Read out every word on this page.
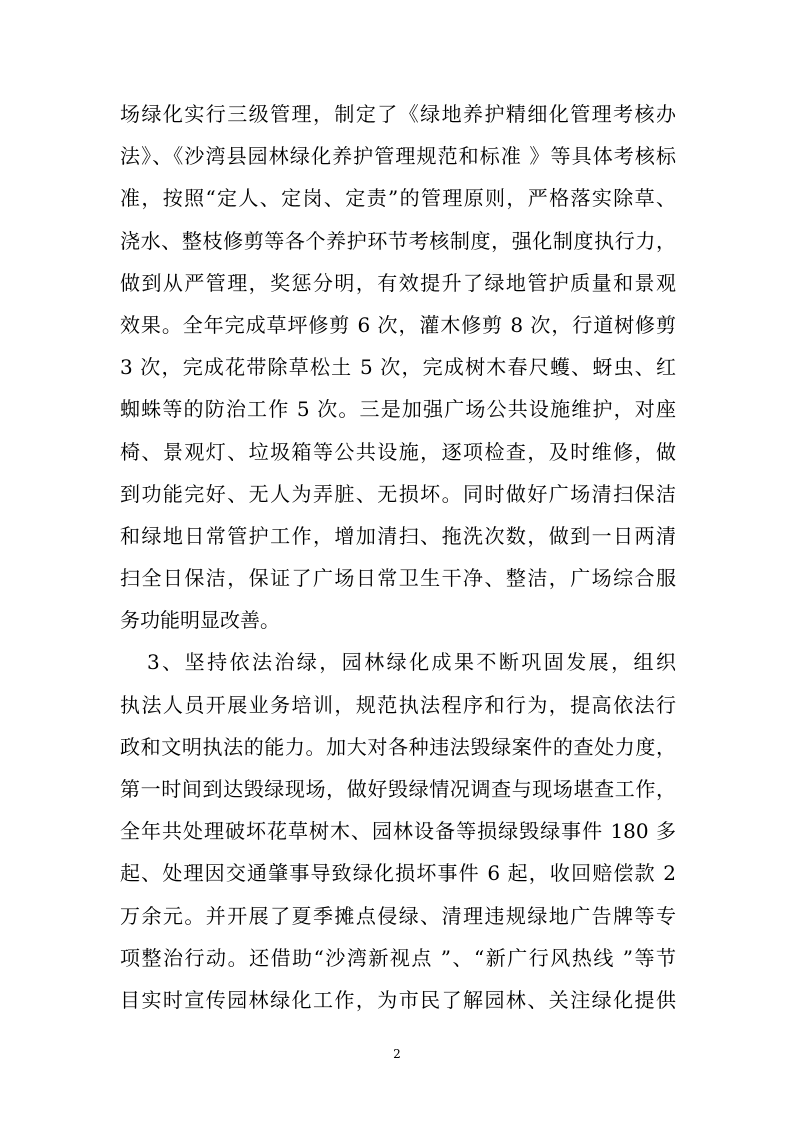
场绿化实行三级管理，制定了《绿地养护精细化管理考核办
法》、《沙湾县园林绿化养护管理规范和标准 》等具体考核标
准，按照“定人、定岗、定责”的管理原则，严格落实除草、
浇水、整枝修剪等各个养护环节考核制度，强化制度执行力，
做到从严管理，奖惩分明，有效提升了绿地管护质量和景观
效果。全年完成草坪修剪 6 次，灌木修剪 8 次，行道树修剪
3 次，完成花带除草松土 5 次，完成树木春尺蠖、蚜虫、红
蜘蛛等的防治工作 5 次。三是加强广场公共设施维护，对座
椅、景观灯、垃圾箱等公共设施，逐项检查，及时维修，做
到功能完好、无人为弄脏、无损坏。同时做好广场清扫保洁
和绿地日常管护工作，增加清扫、拖洗次数，做到一日两清
扫全日保洁，保证了广场日常卫生干净、整洁，广场综合服
务功能明显改善。
3、坚持依法治绿，园林绿化成果不断巩固发展，组织
执法人员开展业务培训，规范执法程序和行为，提高依法行
政和文明执法的能力。加大对各种违法毁绿案件的查处力度，
第一时间到达毁绿现场，做好毁绿情况调查与现场堪查工作，
全年共处理破坏花草树木、园林设备等损绿毁绿事件 180 多
起、处理因交通肇事导致绿化损坏事件 6 起，收回赔偿款 2
万余元。并开展了夏季摊点侵绿、清理违规绿地广告牌等专
项整治行动。还借助“沙湾新视点 ”、“新广行风热线 ”等节
目实时宣传园林绿化工作，为市民了解园林、关注绿化提供
2
